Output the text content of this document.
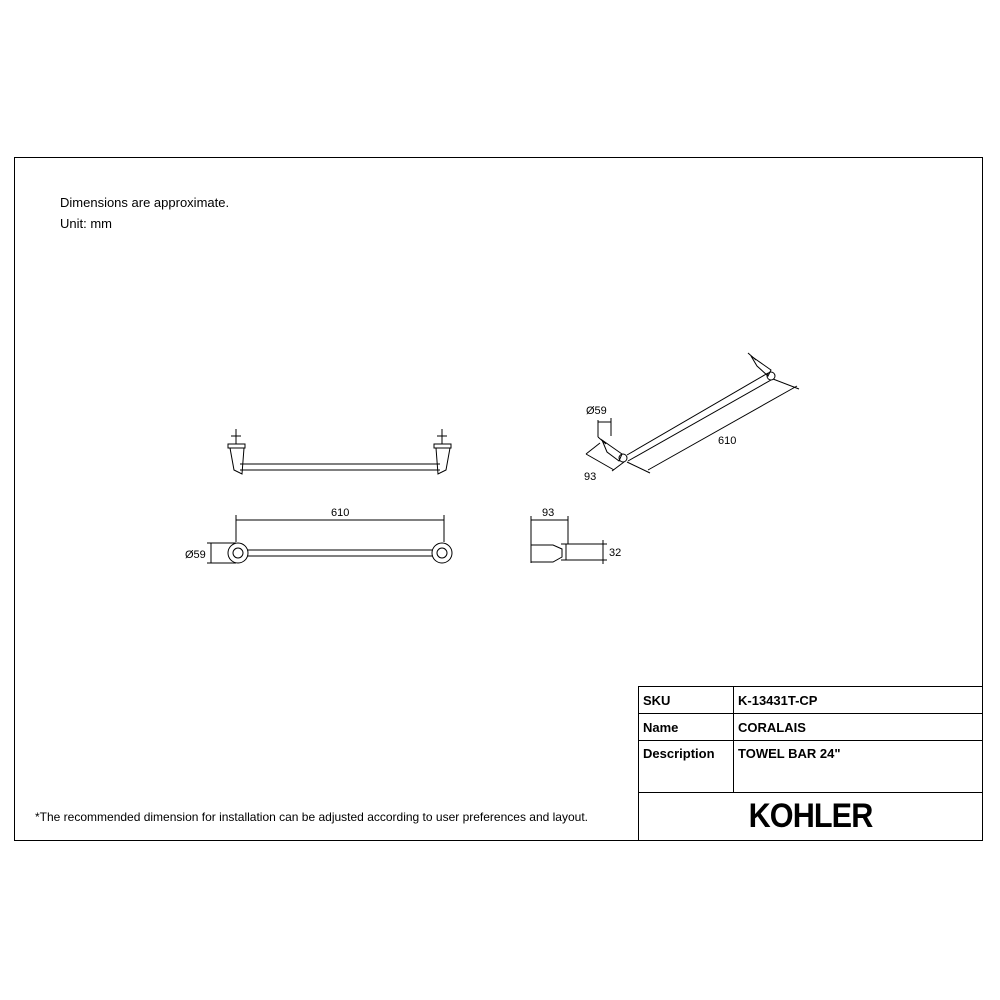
Dimensions are approximate.
Unit: mm
*The recommended dimension for installation can be adjusted according to user preferences and layout.
610
Ø59
93
32
Ø59
93
610
SKU	K-13431T-CP
Name	CORALAIS
Description	TOWEL BAR 24"

KOHLER	
